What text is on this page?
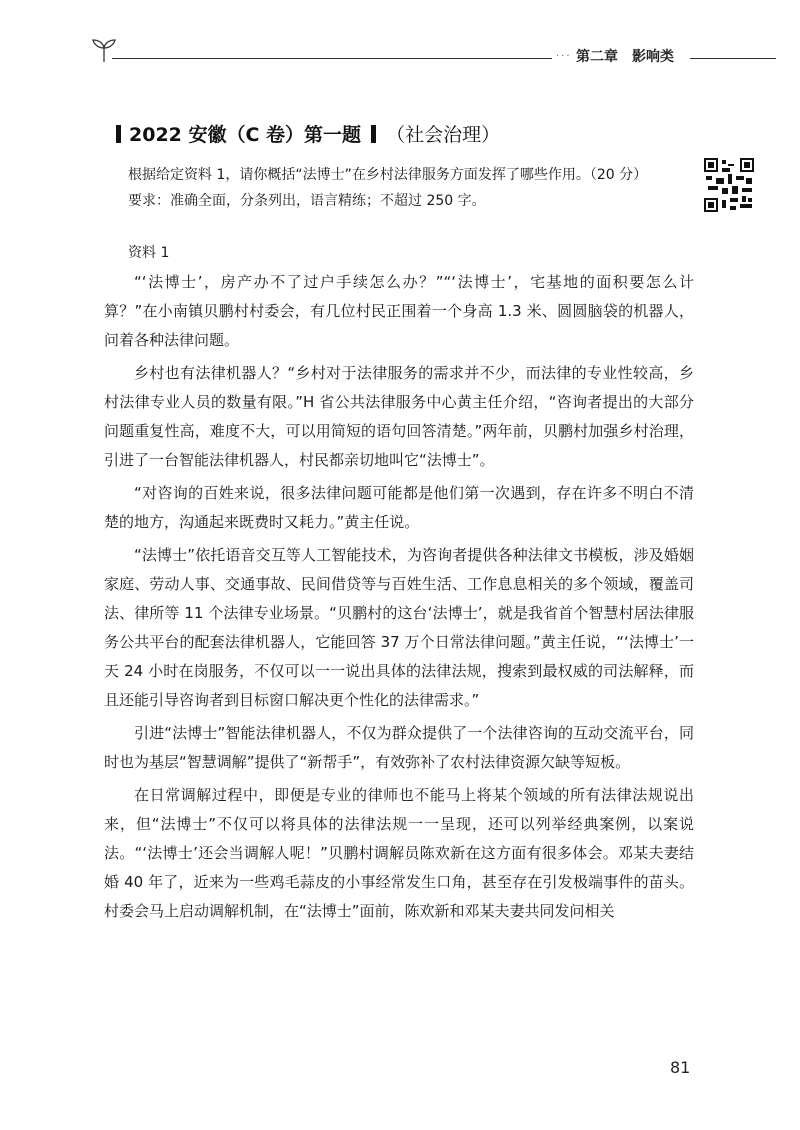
··· 第二章 影响类
2022 安徽（C 卷）第一题 （社会治理）

根据给定资料 1，请你概括“法博士”在乡村法律服务方面发挥了哪些作用。（20 分）

要求：准确全面，分条列出，语言精练；不超过 250 字。

资料 1

“‘法博士’，房产办不了过户手续怎么办？”“‘法博士’，宅基地的面积要怎么计算？”在小南镇贝鹏村村委会，有几位村民正围着一个身高 1.3 米、圆圆脑袋的机器人，问着各种法律问题。

乡村也有法律机器人？“乡村对于法律服务的需求并不少，而法律的专业性较高，乡村法律专业人员的数量有限。”H 省公共法律服务中心黄主任介绍，“咨询者提出的大部分问题重复性高，难度不大，可以用简短的语句回答清楚。”两年前，贝鹏村加强乡村治理，引进了一台智能法律机器人，村民都亲切地叫它“法博士”。

“对咨询的百姓来说，很多法律问题可能都是他们第一次遇到，存在许多不明白不清楚的地方，沟通起来既费时又耗力。”黄主任说。

“法博士”依托语音交互等人工智能技术，为咨询者提供各种法律文书模板，涉及婚姻家庭、劳动人事、交通事故、民间借贷等与百姓生活、工作息息相关的多个领域，覆盖司法、律所等 11 个法律专业场景。“贝鹏村的这台‘法博士’，就是我省首个智慧村居法律服务公共平台的配套法律机器人，它能回答 37 万个日常法律问题。”黄主任说，“‘法博士’一天 24 小时在岗服务，不仅可以一一说出具体的法律法规，搜索到最权威的司法解释，而且还能引导咨询者到目标窗口解决更个性化的法律需求。”

引进“法博士”智能法律机器人，不仅为群众提供了一个法律咨询的互动交流平台，同时也为基层“智慧调解”提供了“新帮手”，有效弥补了农村法律资源欠缺等短板。

在日常调解过程中，即便是专业的律师也不能马上将某个领域的所有法律法规说出来，但“法博士”不仅可以将具体的法律法规一一呈现，还可以列举经典案例，以案说法。“‘法博士’还会当调解人呢！”贝鹏村调解员陈欢新在这方面有很多体会。邓某夫妻结婚 40 年了，近来为一些鸡毛蒜皮的小事经常发生口角，甚至存在引发极端事件的苗头。村委会马上启动调解机制，在“法博士”面前，陈欢新和邓某夫妻共同发问相关

81
